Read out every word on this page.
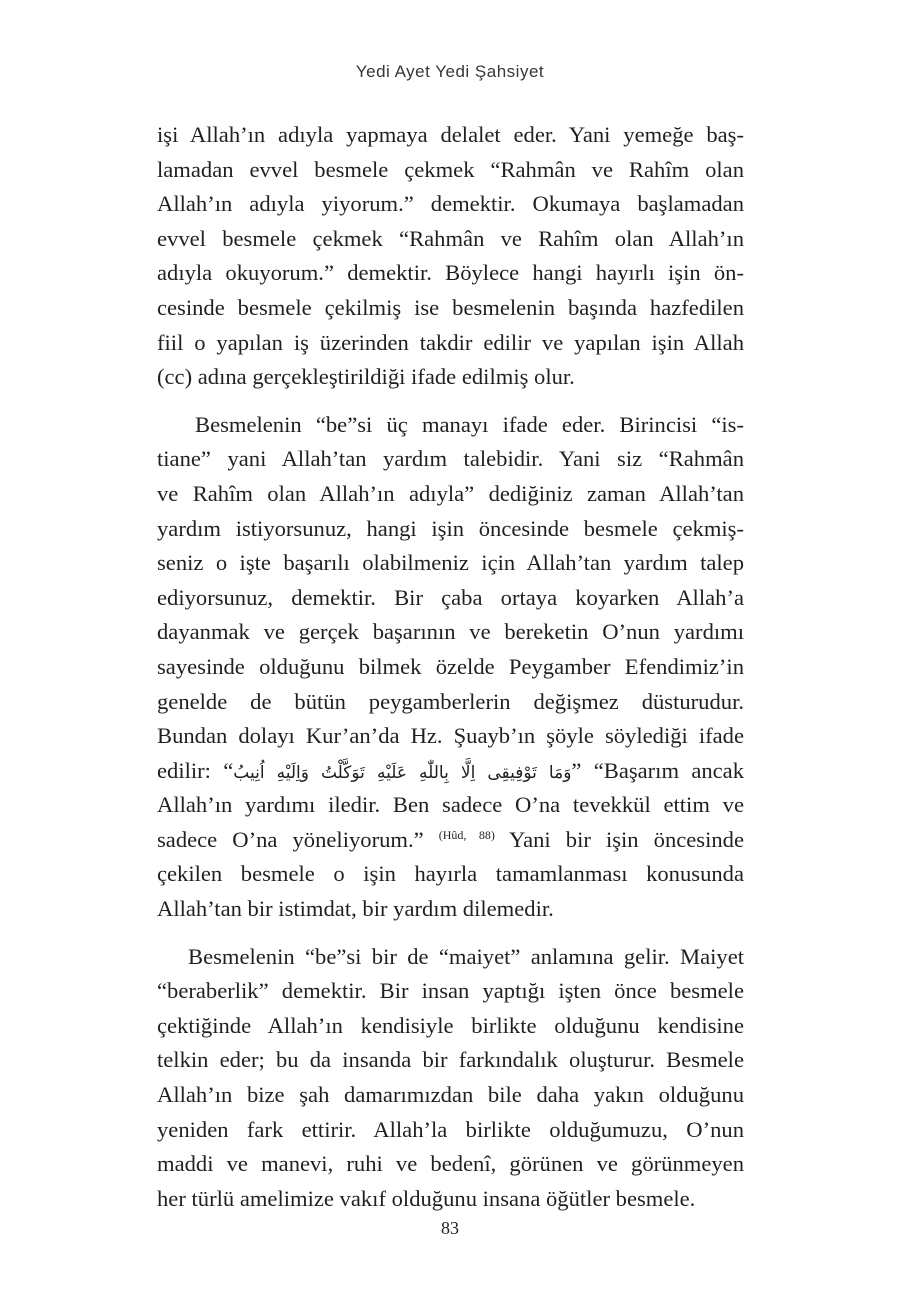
Yedi Ayet Yedi Şahsiyet
işi Allah’ın adıyla yapmaya delalet eder. Yani yemeğe baş-
lamadan evvel besmele çekmek “Rahmân ve Rahîm olan
Allah’ın adıyla yiyorum.” demektir. Okumaya başlamadan
evvel besmele çekmek “Rahmân ve Rahîm olan Allah’ın
adıyla okuyorum.” demektir. Böylece hangi hayırlı işin ön-
cesinde besmele çekilmiş ise besmelenin başında hazfedilen
fiil o yapılan iş üzerinden takdir edilir ve yapılan işin Allah
(cc) adına gerçekleştirildiği ifade edilmiş olur.
Besmelenin “be”si üç manayı ifade eder. Birincisi “is-
tiane” yani Allah’tan yardım talebidir. Yani siz “Rahmân
ve Rahîm olan Allah’ın adıyla” dediğiniz zaman Allah’tan
yardım istiyorsunuz, hangi işin öncesinde besmele çekmiş-
seniz o işte başarılı olabilmeniz için Allah’tan yardım talep
ediyorsunuz, demektir. Bir çaba ortaya koyarken Allah’a
dayanmak ve gerçek başarının ve bereketin O’nun yardımı
sayesinde olduğunu bilmek özelde Peygamber Efendimiz’in
genelde de bütün peygamberlerin değişmez düsturudur.
Bundan dolayı Kur’an’da Hz. Şuayb’ın şöyle söylediği ifade
edilir: “وَمَا تَوْفِيقِى اِلَّا بِاللّٰهِ عَلَيْهِ تَوَكَّلْتُ وَاِلَيْهِ اُنِيبُ” “Başarım ancak
Allah’ın yardımı iledir. Ben sadece O’na tevekkül ettim ve
sadece O’na yöneliyorum.” $^{(Hûd, 88)}$ Yani bir işin öncesinde
çekilen besmele o işin hayırla tamamlanması konusunda
Allah’tan bir istimdat, bir yardım dilemedir.
Besmelenin “be”si bir de “maiyet” anlamına gelir. Maiyet
“beraberlik” demektir. Bir insan yaptığı işten önce besmele
çektiğinde Allah’ın kendisiyle birlikte olduğunu kendisine
telkin eder; bu da insanda bir farkındalık oluşturur. Besmele
Allah’ın bize şah damarımızdan bile daha yakın olduğunu
yeniden fark ettirir. Allah’la birlikte olduğumuzu, O’nun
maddi ve manevi, ruhi ve bedenî, görünen ve görünmeyen
her türlü amelimize vakıf olduğunu insana öğütler besmele.
83
